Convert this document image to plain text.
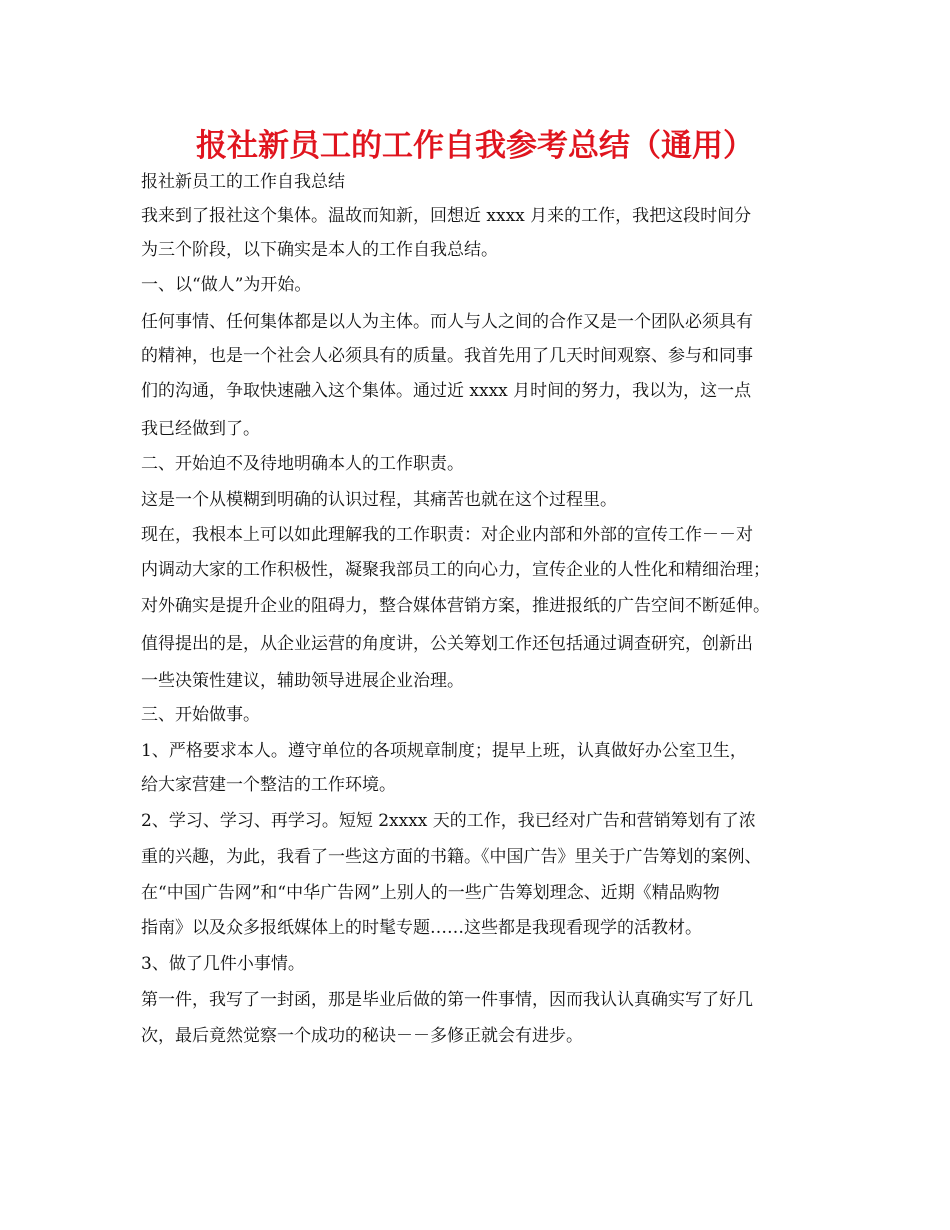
报社新员工的工作自我参考总结（通用）
报社新员工的工作自我总结
我来到了报社这个集体。温故而知新，回想近 xxxx 月来的工作，我把这段时间分
为三个阶段，以下确实是本人的工作自我总结。
一、以“做人”为开始。
任何事情、任何集体都是以人为主体。而人与人之间的合作又是一个团队必须具有
的精神，也是一个社会人必须具有的质量。我首先用了几天时间观察、参与和同事
们的沟通，争取快速融入这个集体。通过近 xxxx 月时间的努力，我以为，这一点
我已经做到了。
二、开始迫不及待地明确本人的工作职责。
这是一个从模糊到明确的认识过程，其痛苦也就在这个过程里。
现在，我根本上可以如此理解我的工作职责：对企业内部和外部的宣传工作－－对
内调动大家的工作积极性，凝聚我部员工的向心力，宣传企业的人性化和精细治理；
对外确实是提升企业的阻碍力，整合媒体营销方案，推进报纸的广告空间不断延伸。
值得提出的是，从企业运营的角度讲，公关筹划工作还包括通过调查研究，创新出
一些决策性建议，辅助领导进展企业治理。
三、开始做事。
1、严格要求本人。遵守单位的各项规章制度；提早上班，认真做好办公室卫生，
给大家营建一个整洁的工作环境。
2、学习、学习、再学习。短短 2xxxx 天的工作，我已经对广告和营销筹划有了浓
重的兴趣，为此，我看了一些这方面的书籍。《中国广告》里关于广告筹划的案例、
在“中国广告网”和“中华广告网”上别人的一些广告筹划理念、近期《精品购物
指南》以及众多报纸媒体上的时髦专题……这些都是我现看现学的活教材。
3、做了几件小事情。
第一件，我写了一封函，那是毕业后做的第一件事情，因而我认认真确实写了好几
次，最后竟然觉察一个成功的秘诀－－多修正就会有进步。
